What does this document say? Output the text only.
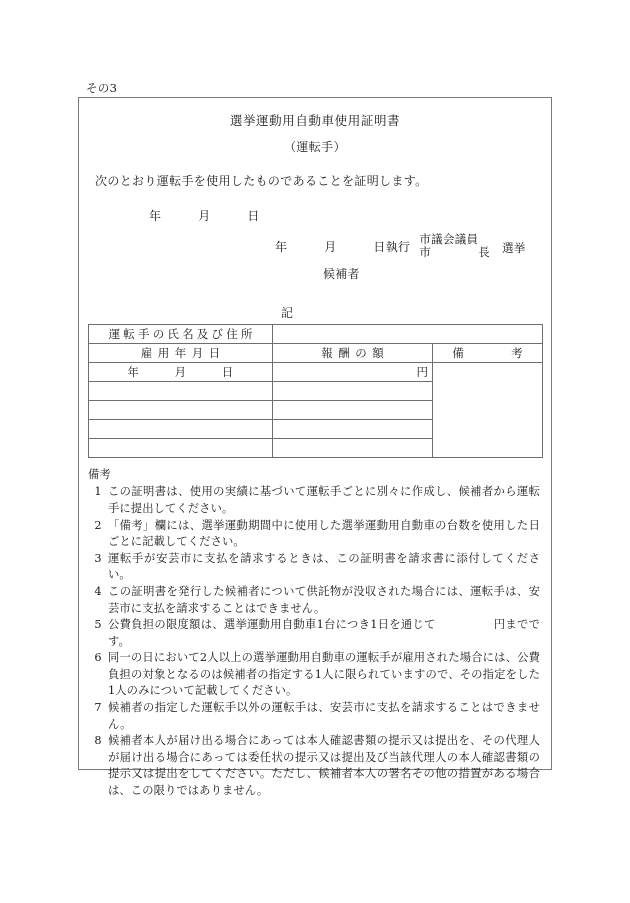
その3
選挙運動用自動車使用証明書
（運転手）
次のとおり運転手を使用したものであることを証明します。
年　　　月　　　日
年　　　月　　　日執行
市議会議員
市　　　　長 選挙
候補者
記
運転手の氏名及び住所		
雇用年月日	報酬の額	備　　　考
年　　　月　　　日	円	

備考
1 この証明書は、使用の実績に基づいて運転手ごとに別々に作成し、候補者から運転手に提出してください。
2 「備考」欄には、選挙運動期間中に使用した選挙運動用自動車の台数を使用した日ごとに記載してください。
3 運転手が安芸市に支払を請求するときは、この証明書を請求書に添付してください。
4 この証明書を発行した候補者について供託物が没収された場合には、運転手は、安芸市に支払を請求することはできません。
5 公費負担の限度額は、選挙運動用自動車1台につき1日を通じて	円までです。
6 同一の日において2人以上の選挙運動用自動車の運転手が雇用された場合には、公費負担の対象となるのは候補者の指定する1人に限られていますので、その指定をした1人のみについて記載してください。
7 候補者の指定した運転手以外の運転手は、安芸市に支払を請求することはできません。
8 候補者本人が届け出る場合にあっては本人確認書類の提示又は提出を、その代理人が届け出る場合にあっては委任状の提示又は提出及び当該代理人の本人確認書類の提示又は提出をしてください。ただし、候補者本人の署名その他の措置がある場合は、この限りではありません。
